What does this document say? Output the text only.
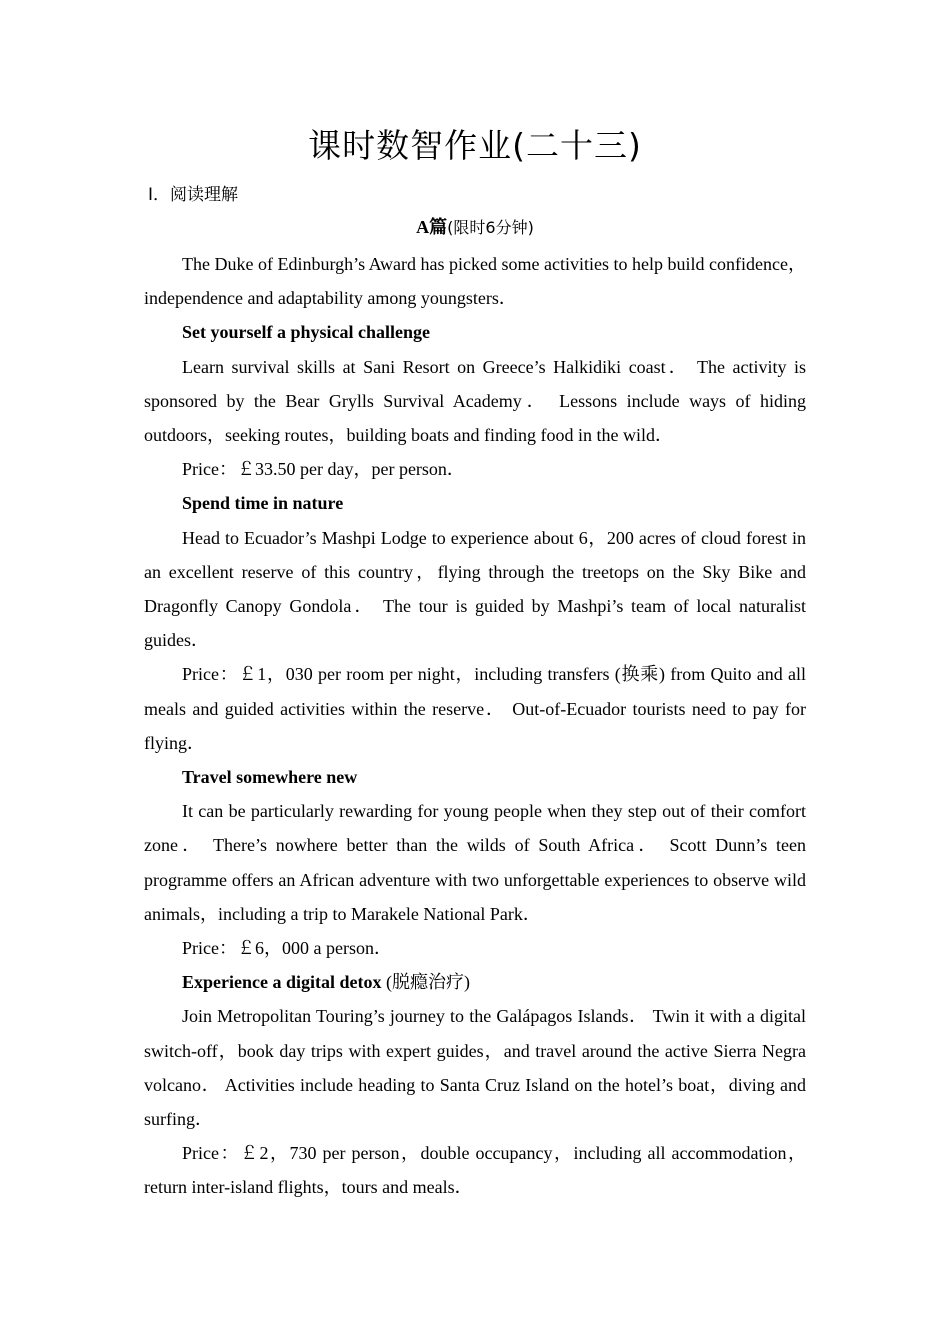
课时数智作业(二十三)
Ⅰ．阅读理解
A篇(限时6分钟)

The Duke of Edinburgh’s Award has picked some activities to help build confidence，independence and adaptability among youngsters．

Set yourself a physical challenge

Learn survival skills at Sani Resort on Greece’s Halkidiki coast． The activity is sponsored by the Bear Grylls Survival Academy． Lessons include ways of hiding outdoors，seeking routes，building boats and finding food in the wild．

Price：￡33.50 per day，per person．

Spend time in nature

Head to Ecuador’s Mashpi Lodge to experience about 6，200 acres of cloud forest in an excellent reserve of this country，flying through the treetops on the Sky Bike and Dragonfly Canopy Gondola． The tour is guided by Mashpi’s team of local naturalist guides．

Price：￡1，030 per room per night，including transfers (换乘) from Quito and all meals and guided activities within the reserve． Out-of-Ecuador tourists need to pay for flying．

Travel somewhere new

It can be particularly rewarding for young people when they step out of their comfort zone． There’s nowhere better than the wilds of South Africa． Scott Dunn’s teen programme offers an African adventure with two unforgettable experiences to observe wild animals，including a trip to Marakele National Park．

Price：￡6，000 a person．

Experience a digital detox (脱瘾治疗)

Join Metropolitan Touring’s journey to the Galápagos Islands． Twin it with a digital switch-off，book day trips with expert guides，and travel around the active Sierra Negra volcano． Activities include heading to Santa Cruz Island on the hotel’s boat，diving and surfing．

Price：￡2，730 per person，double occupancy，including all accommodation，return inter-island flights，tours and meals．
